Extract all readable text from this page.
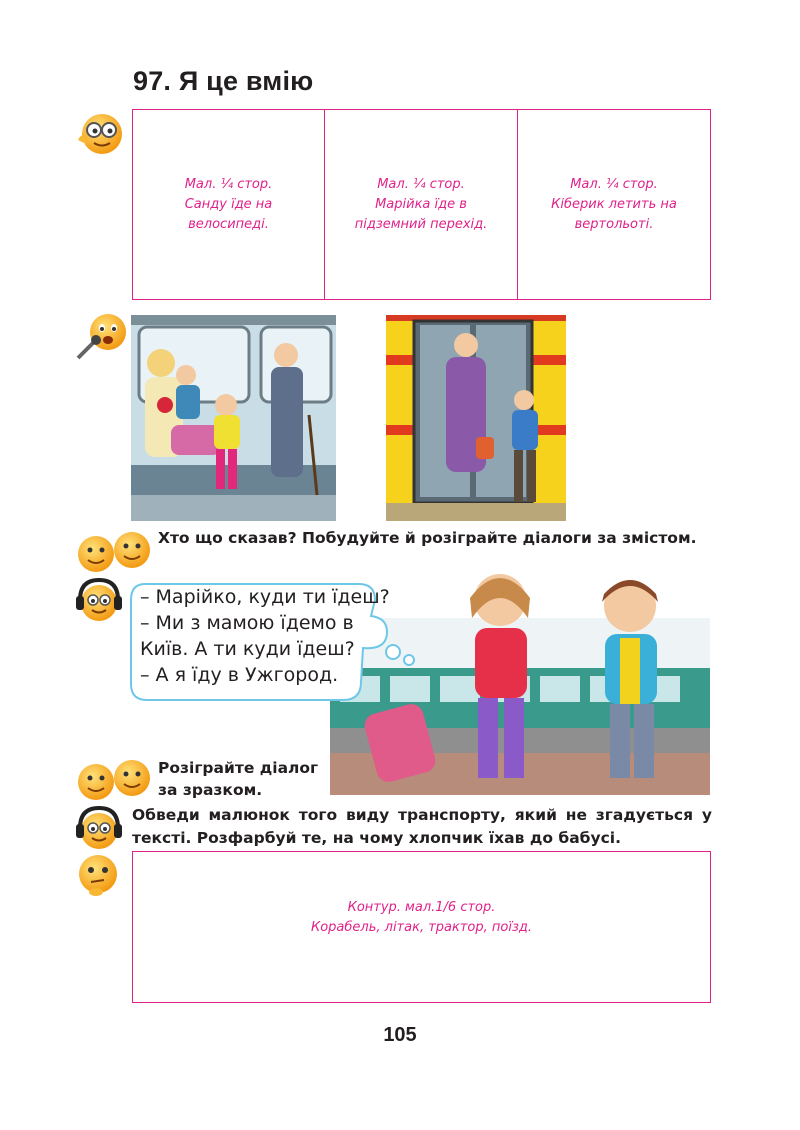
97. Я це вмію
Мал. ¼ стор.
Санду їде на
велосипеді.
Мал. ¼ стор.
Марійка їде в
підземний перехід.
Мал. ¼ стор.
Кіберик летить на
вертольоті.
Хто що сказав? Побудуйте й розіграйте діалоги за змістом.
– Марійко, куди ти їдеш?
– Ми з мамою їдемо в
Київ. А ти куди їдеш?
– А я їду в Ужгород.
Розіграйте діалог
за зразком.
Обведи малюнок того виду транспорту, який не згадується у
тексті. Розфарбуй те, на чому хлопчик їхав до бабусі.
Контур. мал.1/6 стор.
Корабель, літак, трактор, поїзд.
105
